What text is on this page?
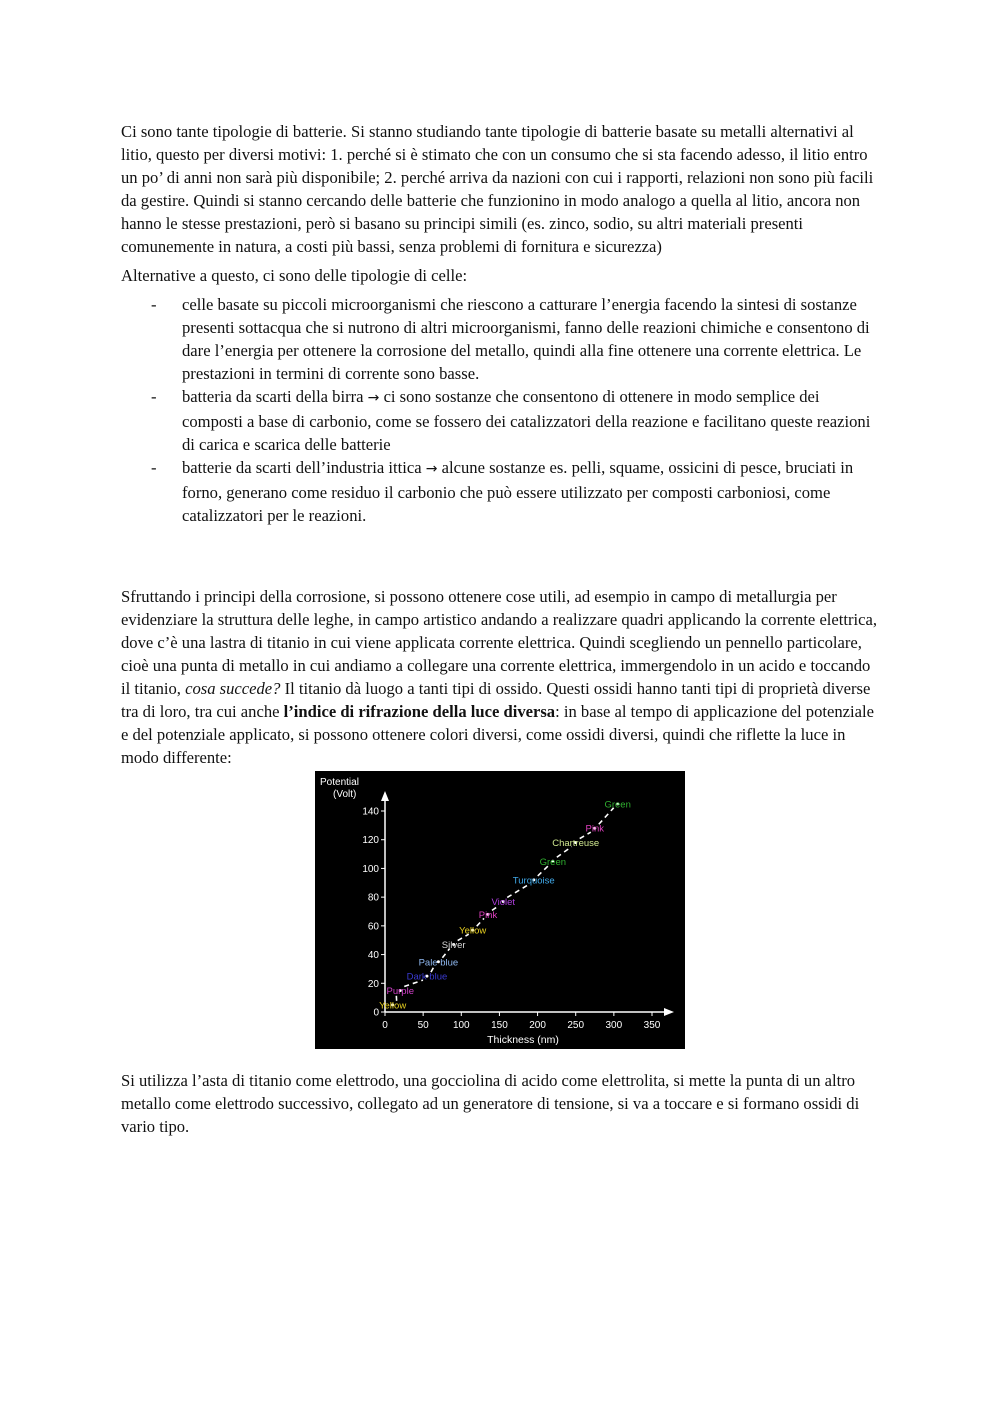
Ci sono tante tipologie di batterie. Si stanno studiando tante tipologie di batterie basate su metalli alternativi al litio, questo per diversi motivi: 1. perché si è stimato che con un consumo che si sta facendo adesso, il litio entro un po’ di anni non sarà più disponibile; 2. perché arriva da nazioni con cui i rapporti, relazioni non sono più facili da gestire. Quindi si stanno cercando delle batterie che funzionino in modo analogo a quella al litio, ancora non hanno le stesse prestazioni, però si basano su principi simili (es. zinco, sodio, su altri materiali presenti comunemente in natura, a costi più bassi, senza problemi di fornitura e sicurezza)

Alternative a questo, ci sono delle tipologie di celle:

- celle basate su piccoli microorganismi che riescono a catturare l’energia facendo la sintesi di sostanze presenti sottacqua che si nutrono di altri microorganismi, fanno delle reazioni chimiche e consentono di dare l’energia per ottenere la corrosione del metallo, quindi alla fine ottenere una corrente elettrica. Le prestazioni in termini di corrente sono basse.
- batteria da scarti della birra → ci sono sostanze che consentono di ottenere in modo semplice dei composti a base di carbonio, come se fossero dei catalizzatori della reazione e facilitano queste reazioni di carica e scarica delle batterie
- batterie da scarti dell’industria ittica → alcune sostanze es. pelli, squame, ossicini di pesce, bruciati in forno, generano come residuo il carbonio che può essere utilizzato per composti carboniosi, come catalizzatori per le reazioni.

Sfruttando i principi della corrosione, si possono ottenere cose utili, ad esempio in campo di metallurgia per evidenziare la struttura delle leghe, in campo artistico andando a realizzare quadri applicando la corrente elettrica, dove c’è una lastra di titanio in cui viene applicata corrente elettrica. Quindi scegliendo un pennello particolare, cioè una punta di metallo in cui andiamo a collegare una corrente elettrica, immergendolo in un acido e toccando il titanio, cosa succede? Il titanio dà luogo a tanti tipi di ossido. Questi ossidi hanno tanti tipi di proprietà diverse tra di loro, tra cui anche l’indice di rifrazione della luce diversa: in base al tempo di applicazione del potenziale e del potenziale applicato, si possono ottenere colori diversi, come ossidi diversi, quindi che riflette la luce in modo differente:

Potential
(Volt)
Thickness (nm)
0
20
40
60
80
100
120
140
0	50 100 150 200 250 300 350
Yellow
Purple
Dark blue
Pale blue
Silver
Yellow
Pink
Violet
Turquoise
Green
Chartreuse
Pink
Green

Si utilizza l’asta di titanio come elettrodo, una gocciolina di acido come elettrolita, si mette la punta di un altro metallo come elettrodo successivo, collegato ad un generatore di tensione, si va a toccare e si formano ossidi di vario tipo.
